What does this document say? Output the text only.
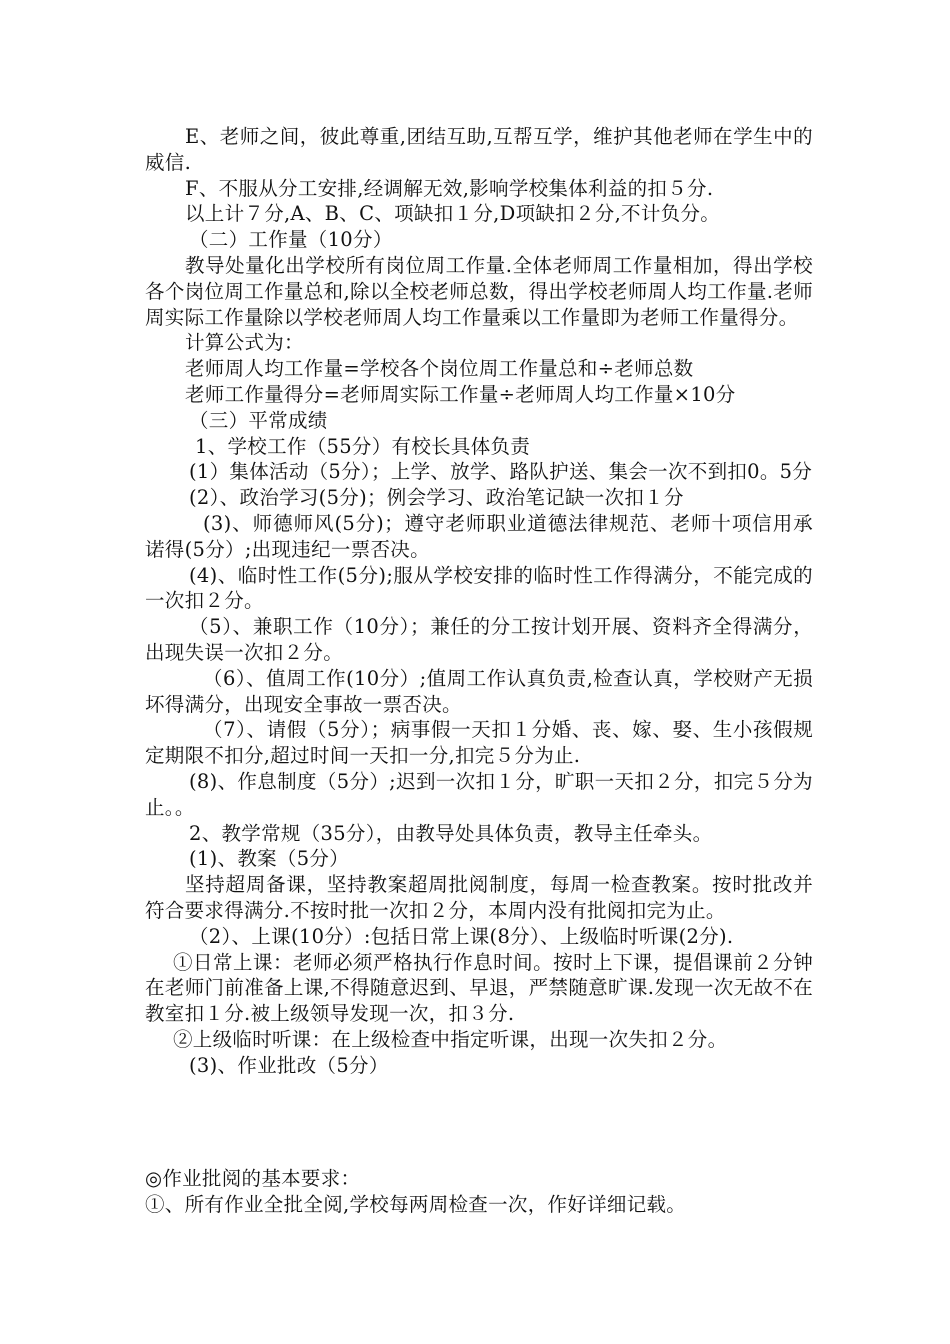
E、老师之间，彼此尊重,团结互助,互帮互学，维护其他老师在学生中的威信.

F、不服从分工安排,经调解无效,影响学校集体利益的扣５分.

以上计７分,A、B、C、项缺扣１分,D项缺扣２分,不计负分。

（二）工作量（10分）

教导处量化出学校所有岗位周工作量.全体老师周工作量相加，得出学校各个岗位周工作量总和,除以全校老师总数，得出学校老师周人均工作量.老师周实际工作量除以学校老师周人均工作量乘以工作量即为老师工作量得分。

计算公式为：

老师周人均工作量=学校各个岗位周工作量总和÷老师总数

老师工作量得分=老师周实际工作量÷老师周人均工作量×10分

（三）平常成绩

1、学校工作（55分）有校长具体负责

(1）集体活动（5分）；上学、放学、路队护送、集会一次不到扣0。5分

(2）、政治学习(5分)；例会学习、政治笔记缺一次扣１分

(3)、师德师风(5分)；遵守老师职业道德法律规范、老师十项信用承诺得(5分）;出现违纪一票否决。

(4)、临时性工作(5分);服从学校安排的临时性工作得满分，不能完成的一次扣２分。

（5）、兼职工作（10分）；兼任的分工按计划开展、资料齐全得满分，出现失误一次扣２分。

（6）、值周工作(10分）;值周工作认真负责,检查认真，学校财产无损坏得满分，出现安全事故一票否决。

（7）、请假（5分）；病事假一天扣１分婚、丧、嫁、娶、生小孩假规定期限不扣分,超过时间一天扣一分,扣完５分为止.

(8)、作息制度（5分）;迟到一次扣１分，旷职一天扣２分，扣完５分为止。。

2、教学常规（35分），由教导处具体负责，教导主任牵头。

(1)、教案（5分）

坚持超周备课，坚持教案超周批阅制度，每周一检查教案。按时批改并符合要求得满分.不按时批一次扣２分，本周内没有批阅扣完为止。

（2）、上课(10分）:包括日常上课(8分）、上级临时听课(2分).

①日常上课：老师必须严格执行作息时间。按时上下课，提倡课前２分钟在老师门前准备上课,不得随意迟到、早退，严禁随意旷课.发现一次无故不在教室扣１分.被上级领导发现一次，扣３分.

②上级临时听课：在上级检查中指定听课，出现一次失扣２分。

(3)、作业批改（5分）

◎作业批阅的基本要求：

①、所有作业全批全阅,学校每两周检查一次，作好详细记载。
